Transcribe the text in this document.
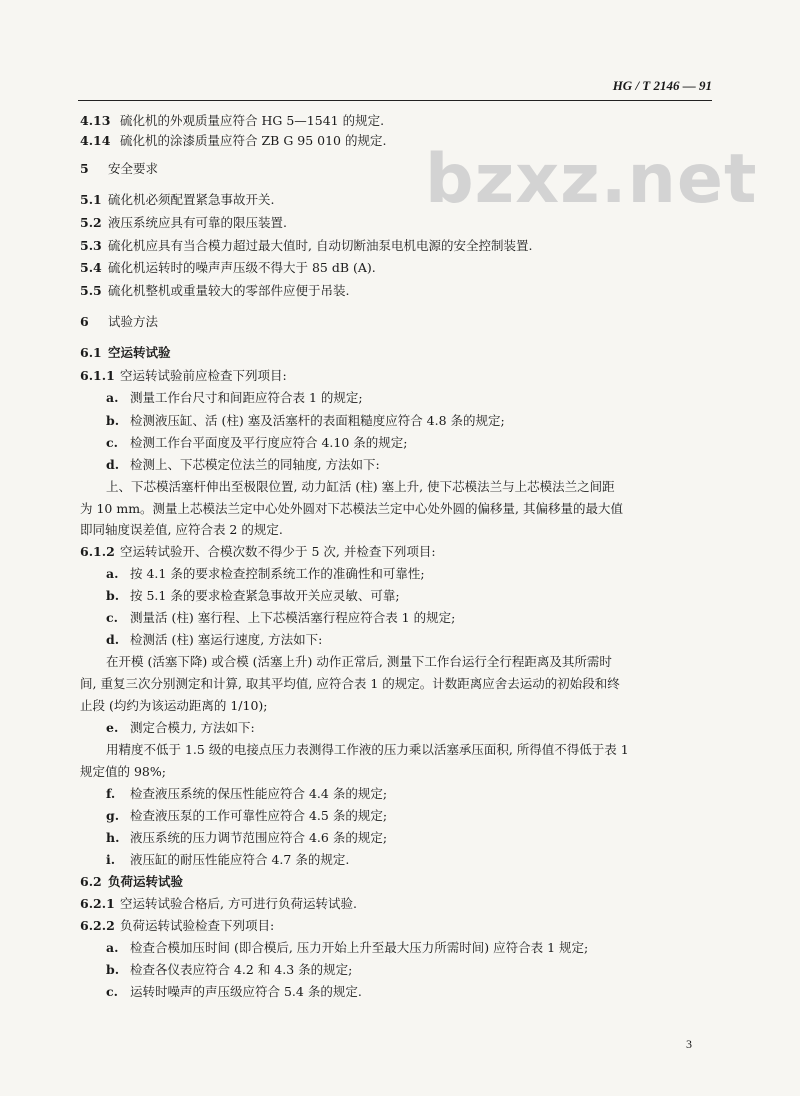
HG / T 2146 — 91
bzxz.net
4.13 硫化机的外观质量应符合 HG 5—1541 的规定.
4.14 硫化机的涂漆质量应符合 ZB G 95 010 的规定.
5 安全要求
5.1 硫化机必须配置紧急事故开关.
5.2 液压系统应具有可靠的限压装置.
5.3 硫化机应具有当合模力超过最大值时, 自动切断油泵电机电源的安全控制装置.
5.4 硫化机运转时的噪声声压级不得大于 85 dB (A).
5.5 硫化机整机或重量较大的零部件应便于吊装.
6 试验方法
6.1 空运转试验
6.1.1 空运转试验前应检查下列项目:
a. 测量工作台尺寸和间距应符合表 1 的规定;
b. 检测液压缸、活 (柱) 塞及活塞杆的表面粗糙度应符合 4.8 条的规定;
c. 检测工作台平面度及平行度应符合 4.10 条的规定;
d. 检测上、下芯模定位法兰的同轴度, 方法如下:
上、下芯模活塞杆伸出至极限位置, 动力缸活 (柱) 塞上升, 使下芯模法兰与上芯模法兰之间距
为 10 mm。测量上芯模法兰定中心处外圆对下芯模法兰定中心处外圆的偏移量, 其偏移量的最大值
即同轴度误差值, 应符合表 2 的规定.
6.1.2 空运转试验开、合模次数不得少于 5 次, 并检查下列项目:
a. 按 4.1 条的要求检查控制系统工作的准确性和可靠性;
b. 按 5.1 条的要求检查紧急事故开关应灵敏、可靠;
c. 测量活 (柱) 塞行程、上下芯模活塞行程应符合表 1 的规定;
d. 检测活 (柱) 塞运行速度, 方法如下:
在开模 (活塞下降) 或合模 (活塞上升) 动作正常后, 测量下工作台运行全行程距离及其所需时
间, 重复三次分别测定和计算, 取其平均值, 应符合表 1 的规定。计数距离应舍去运动的初始段和终
止段 (均约为该运动距离的 1/10);
e. 测定合模力, 方法如下:
用精度不低于 1.5 级的电接点压力表测得工作液的压力乘以活塞承压面积, 所得值不得低于表 1
规定值的 98%;
f. 检查液压系统的保压性能应符合 4.4 条的规定;
g. 检查液压泵的工作可靠性应符合 4.5 条的规定;
h. 液压系统的压力调节范围应符合 4.6 条的规定;
i. 液压缸的耐压性能应符合 4.7 条的规定.
6.2 负荷运转试验
6.2.1 空运转试验合格后, 方可进行负荷运转试验.
6.2.2 负荷运转试验检查下列项目:
a. 检查合模加压时间 (即合模后, 压力开始上升至最大压力所需时间) 应符合表 1 规定;
b. 检查各仪表应符合 4.2 和 4.3 条的规定;
c. 运转时噪声的声压级应符合 5.4 条的规定.
3
